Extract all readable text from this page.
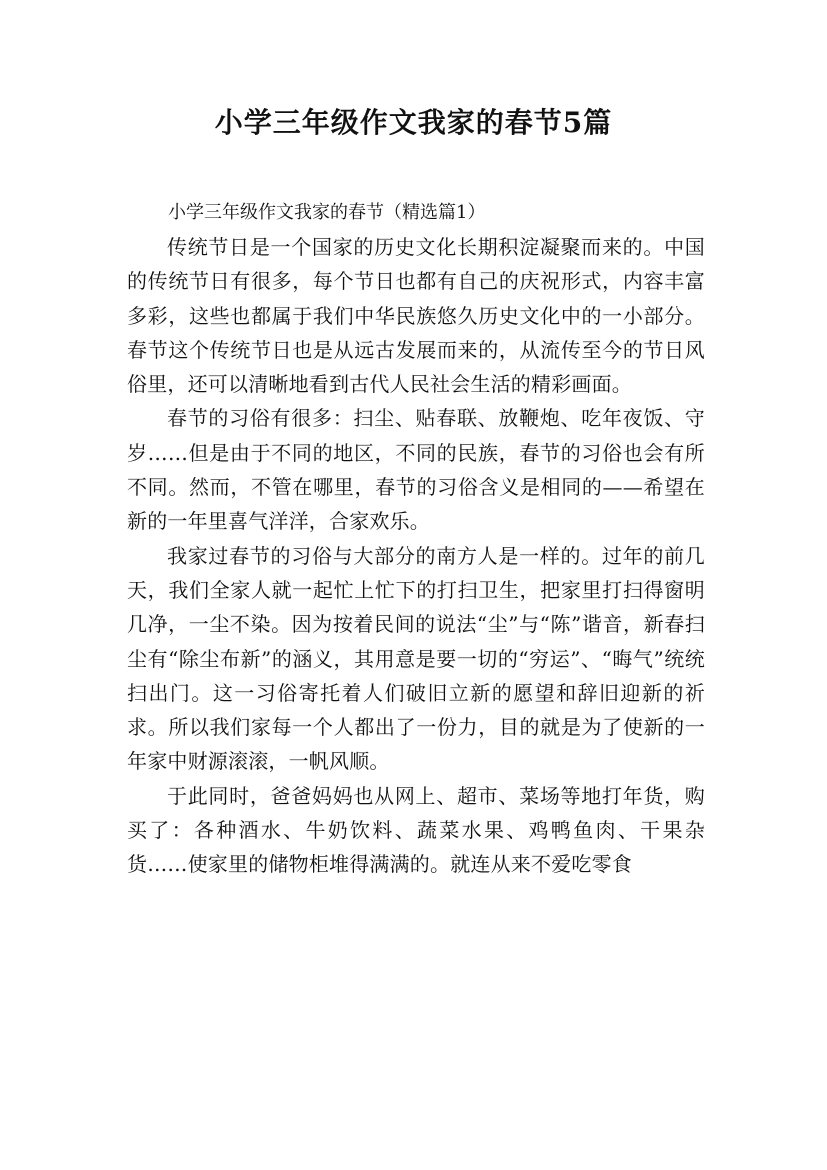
小学三年级作文我家的春节5篇

小学三年级作文我家的春节（精选篇1）

传统节日是一个国家的历史文化长期积淀凝聚而来的。中国的传统节日有很多，每个节日也都有自己的庆祝形式，内容丰富多彩，这些也都属于我们中华民族悠久历史文化中的一小部分。春节这个传统节日也是从远古发展而来的，从流传至今的节日风俗里，还可以清晰地看到古代人民社会生活的精彩画面。

春节的习俗有很多：扫尘、贴春联、放鞭炮、吃年夜饭、守岁……但是由于不同的地区，不同的民族，春节的习俗也会有所不同。然而，不管在哪里，春节的习俗含义是相同的——希望在新的一年里喜气洋洋，合家欢乐。

我家过春节的习俗与大部分的南方人是一样的。过年的前几天，我们全家人就一起忙上忙下的打扫卫生，把家里打扫得窗明几净，一尘不染。因为按着民间的说法“尘”与“陈”谐音，新春扫尘有“除尘布新”的涵义，其用意是要一切的“穷运”、“晦气”统统扫出门。这一习俗寄托着人们破旧立新的愿望和辞旧迎新的祈求。所以我们家每一个人都出了一份力，目的就是为了使新的一年家中财源滚滚，一帆风顺。

于此同时，爸爸妈妈也从网上、超市、菜场等地打年货，购买了：各种酒水、牛奶饮料、蔬菜水果、鸡鸭鱼肉、干果杂货……使家里的储物柜堆得满满的。就连从来不爱吃零食
